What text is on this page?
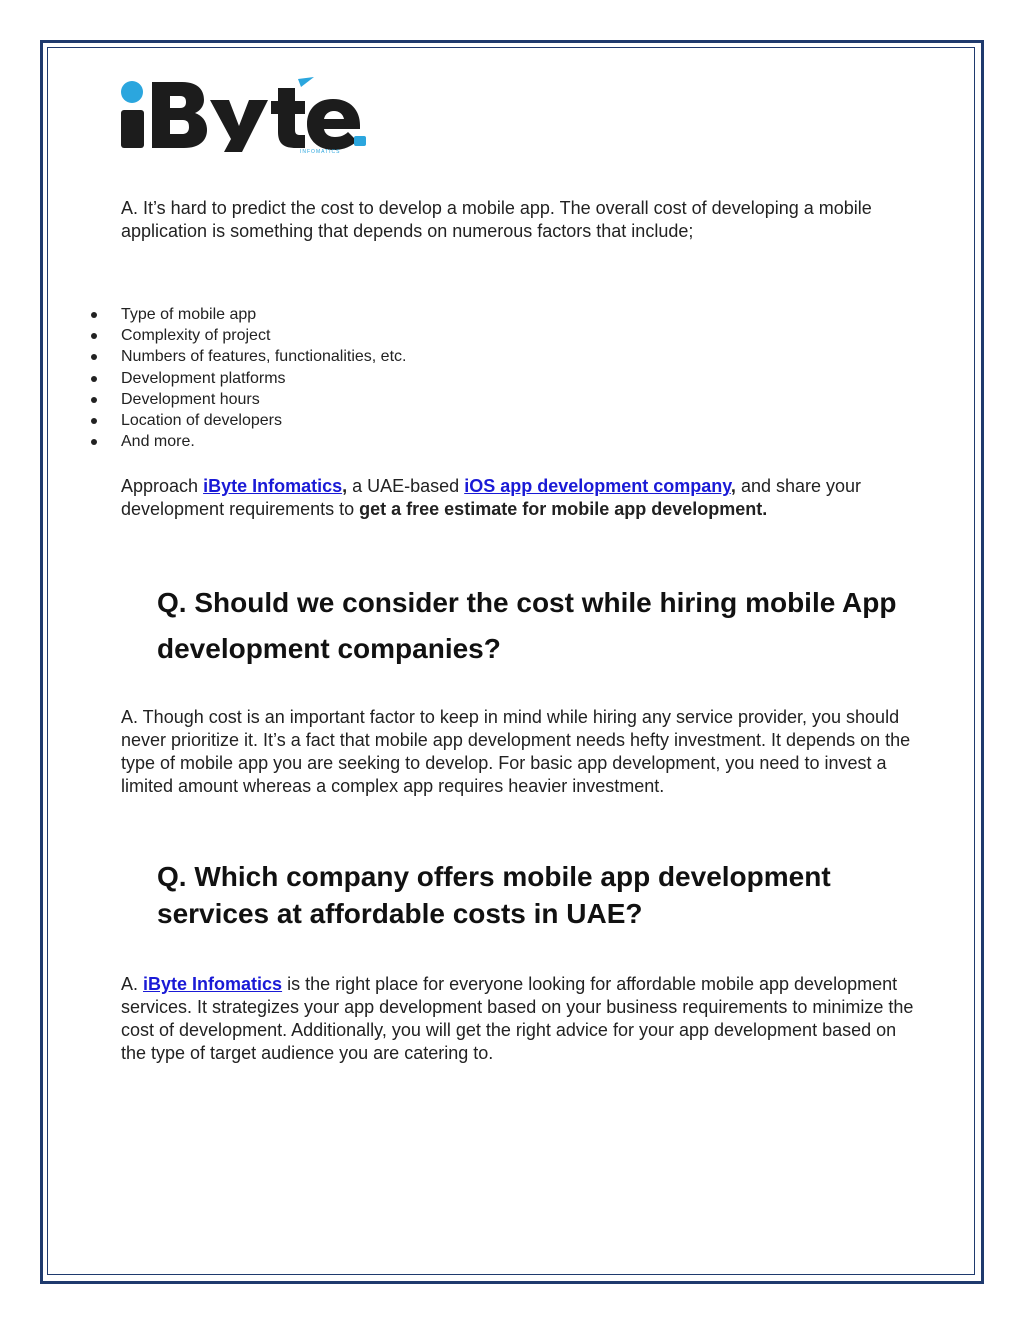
INFOMATICS

A. It’s hard to predict the cost to develop a mobile app. The overall cost of developing a mobile application is something that depends on numerous factors that include;

Type of mobile app
Complexity of project
Numbers of features, functionalities, etc.
Development platforms
Development hours
Location of developers
And more.

Approach iByte Infomatics, a UAE-based iOS app development company, and share your development requirements to get a free estimate for mobile app development.

Q. Should we consider the cost while hiring mobile App development companies?

A. Though cost is an important factor to keep in mind while hiring any service provider, you should never prioritize it. It’s a fact that mobile app development needs hefty investment. It depends on the type of mobile app you are seeking to develop. For basic app development, you need to invest a limited amount whereas a complex app requires heavier investment.

Q. Which company offers mobile app development services at affordable costs in UAE?

A. iByte Infomatics is the right place for everyone looking for affordable mobile app development services. It strategizes your app development based on your business requirements to minimize the cost of development. Additionally, you will get the right advice for your app development based on the type of target audience you are catering to.
